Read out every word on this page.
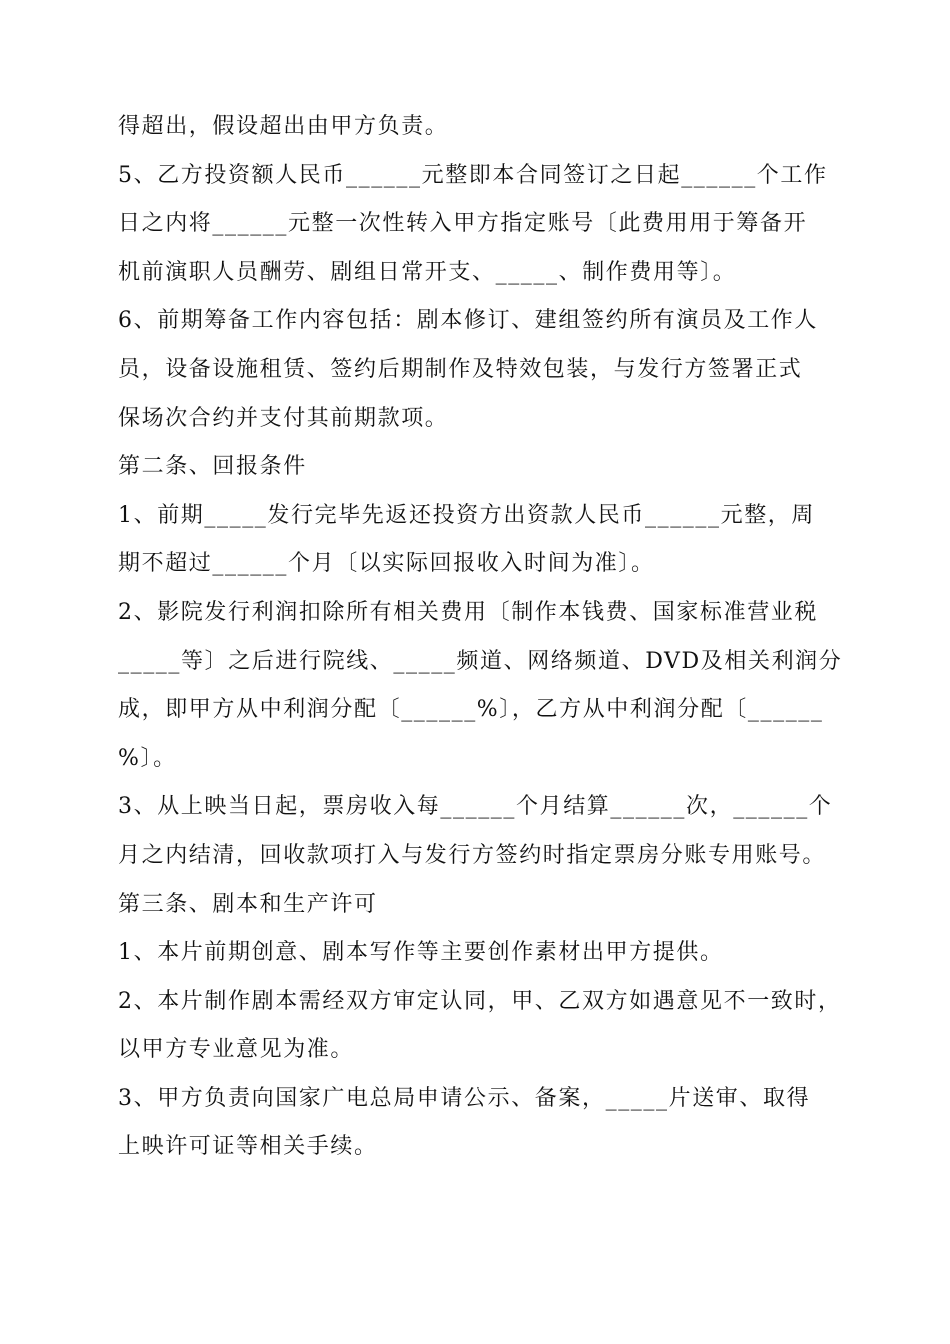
得超出，假设超出由甲方负责。
5、乙方投资额人民币______元整即本合同签订之日起______个工作
日之内将______元整一次性转入甲方指定账号〔此费用用于筹备开
机前演职人员酬劳、剧组日常开支、_____、制作费用等〕。
6、前期筹备工作内容包括：剧本修订、建组签约所有演员及工作人
员，设备设施租赁、签约后期制作及特效包装，与发行方签署正式
保场次合约并支付其前期款项。
第二条、回报条件
1、前期_____发行完毕先返还投资方出资款人民币______元整，周
期不超过______个月〔以实际回报收入时间为准〕。
2、影院发行利润扣除所有相关费用〔制作本钱费、国家标准营业税
_____等〕之后进行院线、_____频道、网络频道、DVD及相关利润分
成，即甲方从中利润分配〔______%〕，乙方从中利润分配〔______
%〕。
3、从上映当日起，票房收入每______个月结算______次，______个
月之内结清，回收款项打入与发行方签约时指定票房分账专用账号。
第三条、剧本和生产许可
1、本片前期创意、剧本写作等主要创作素材出甲方提供。
2、本片制作剧本需经双方审定认同，甲、乙双方如遇意见不一致时，
以甲方专业意见为准。
3、甲方负责向国家广电总局申请公示、备案，_____片送审、取得
上映许可证等相关手续。
